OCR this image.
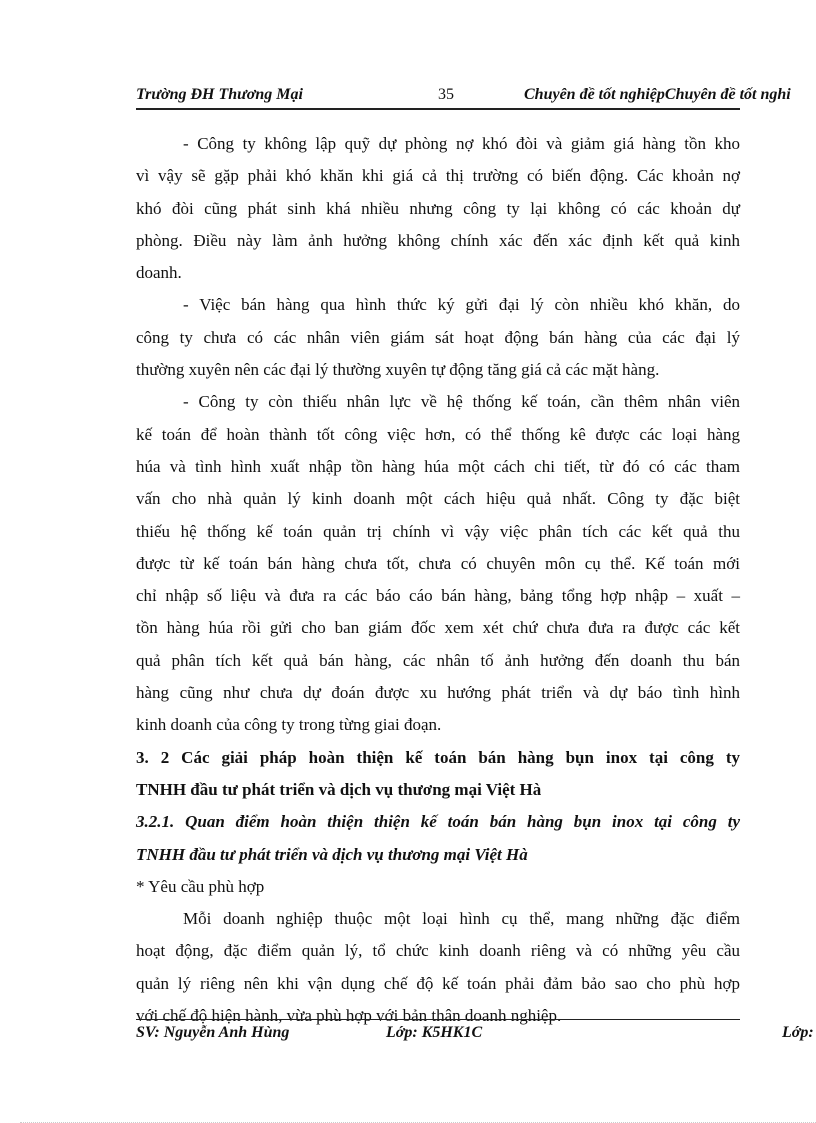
Trường ĐH Thương Mại	35	Chuyên đề tốt nghiệpChuyên đề tốt nghi
- Công ty không lập quỹ dự phòng nợ khó đòi và giảm giá hàng tồn kho
vì vậy sẽ gặp phải khó khăn khi giá cả thị trường có biến động. Các khoản nợ
khó đòi cũng phát sinh khá nhiều nhưng công ty lại không có các khoản dự
phòng. Điều này làm ảnh hưởng không chính xác đến xác định kết quả kinh
doanh.
- Việc bán hàng qua hình thức ký gửi đại lý còn nhiều khó khăn, do
công ty chưa có các nhân viên giám sát hoạt động bán hàng của các đại lý
thường xuyên nên các đại lý thường xuyên tự động tăng giá cả các mặt hàng.
- Công ty còn thiếu nhân lực về hệ thống kế toán, cần thêm nhân viên
kế toán để hoàn thành tốt công việc hơn, có thể thống kê được các loại hàng
húa và tình hình xuất nhập tồn hàng húa một cách chi tiết, từ đó có các tham
vấn cho nhà quản lý kinh doanh một cách hiệu quả nhất. Công ty đặc biệt
thiếu hệ thống kế toán quản trị chính vì vậy việc phân tích các kết quả thu
được từ kế toán bán hàng chưa tốt, chưa có chuyên môn cụ thể. Kế toán mới
chỉ nhập số liệu và đưa ra các báo cáo bán hàng, bảng tổng hợp nhập – xuất –
tồn hàng húa rồi gửi cho ban giám đốc xem xét chứ chưa đưa ra được các kết
quả phân tích kết quả bán hàng, các nhân tố ảnh hưởng đến doanh thu bán
hàng cũng như chưa dự đoán được xu hướng phát triển và dự báo tình hình
kinh doanh của công ty trong từng giai đoạn.
3. 2 Các giải pháp hoàn thiện kế toán bán hàng bụn inox tại công ty
TNHH đầu tư phát triển và dịch vụ thương mại Việt Hà
3.2.1. Quan điểm hoàn thiện thiện kế toán bán hàng bụn inox tại công ty
TNHH đầu tư phát triển và dịch vụ thương mại Việt Hà
* Yêu cầu phù hợp
Mỗi doanh nghiệp thuộc một loại hình cụ thể, mang những đặc điểm
hoạt động, đặc điểm quản lý, tổ chức kinh doanh riêng và có những yêu cầu
quản lý riêng nên khi vận dụng chế độ kế toán phải đảm bảo sao cho phù hợp
với chế độ hiện hành, vừa phù hợp với bản thân doanh nghiệp.
SV: Nguyễn Anh Hùng	Lớp: K5HK1C	Lớp:
